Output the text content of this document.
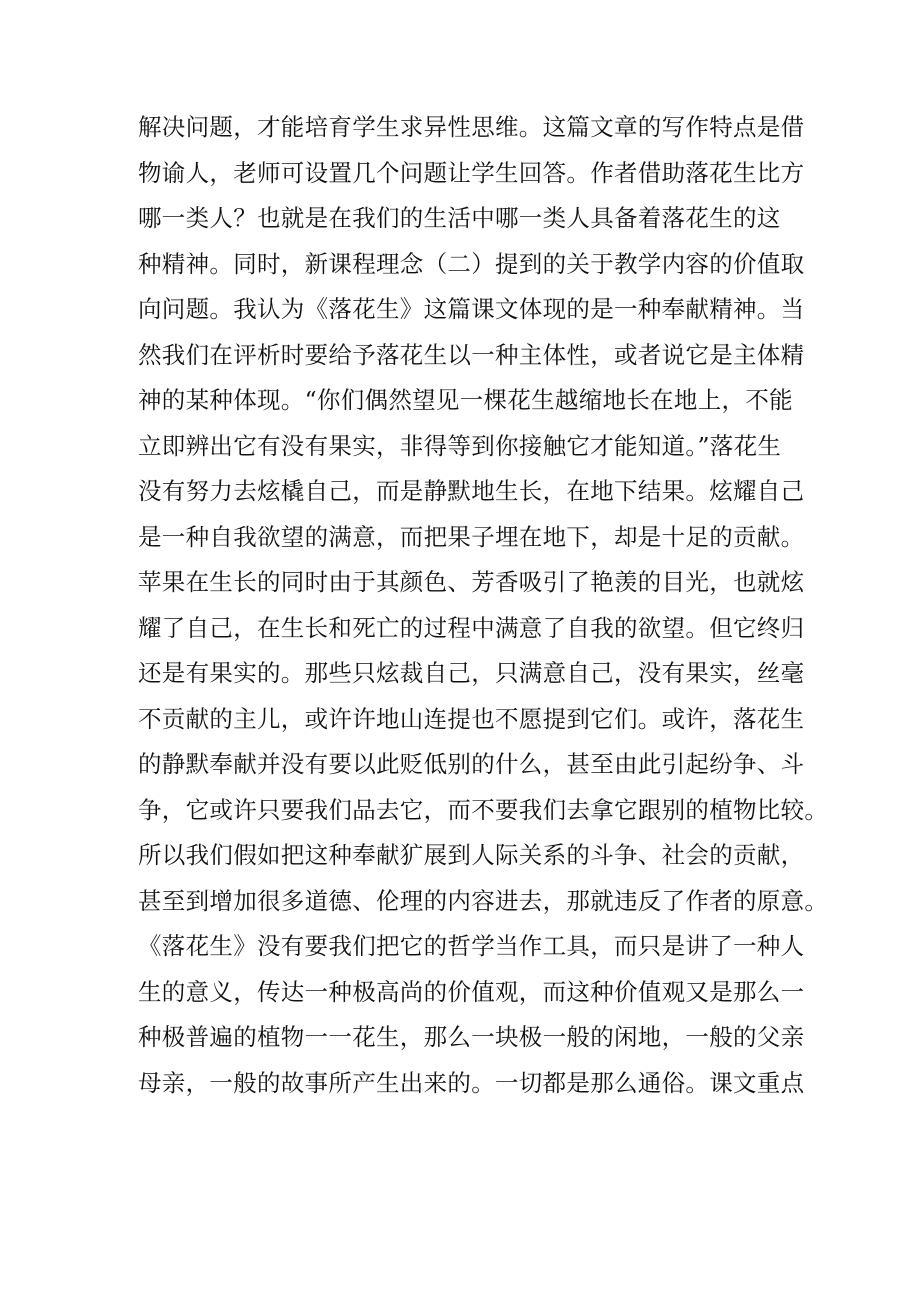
解决问题，才能培育学生求异性思维。这篇文章的写作特点是借
物谕人，老师可设置几个问题让学生回答。作者借助落花生比方
哪一类人？也就是在我们的生活中哪一类人具备着落花生的这
种精神。同时，新课程理念（二）提到的关于教学内容的价值取
向问题。我认为《落花生》这篇课文体现的是一种奉献精神。当
然我们在评析时要给予落花生以一种主体性，或者说它是主体精
神的某种体现。“你们偶然望见一棵花生越缩地长在地上，不能
立即辨出它有没有果实，非得等到你接触它才能知道。”落花生
没有努力去炫橇自己，而是静默地生长，在地下结果。炫耀自己
是一种自我欲望的满意，而把果子埋在地下，却是十足的贡献。
苹果在生长的同时由于其颜色、芳香吸引了艳羡的目光，也就炫
耀了自己，在生长和死亡的过程中满意了自我的欲望。但它终归
还是有果实的。那些只炫裁自己，只满意自己，没有果实，丝毫
不贡献的主儿，或许许地山连提也不愿提到它们。或许，落花生
的静默奉献并没有要以此贬低别的什么，甚至由此引起纷争、斗
争，它或许只要我们品去它，而不要我们去拿它跟别的植物比较。
所以我们假如把这种奉献犷展到人际关系的斗争、社会的贡献，
甚至到增加很多道德、伦理的内容进去，那就违反了作者的原意。
《落花生》没有要我们把它的哲学当作工具，而只是讲了一种人
生的意义，传达一种极高尚的价值观，而这种价值观又是那么一
种极普遍的植物一一花生，那么一块极一般的闲地，一般的父亲
母亲，一般的故事所产生出来的。一切都是那么通俗。课文重点
